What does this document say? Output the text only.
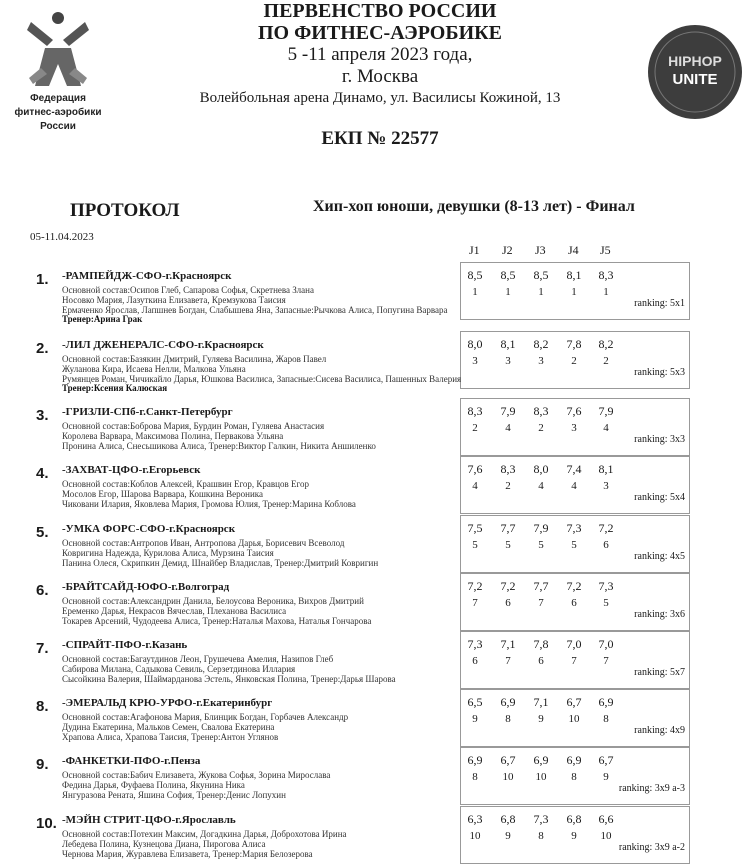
Федерация
фитнес-аэробики
России
ПЕРВЕНСТВО РОССИИ
ПО ФИТНЕС-АЭРОБИКЕ
5 -11 апреля 2023 года,
г. Москва
Волейбольная арена Динамо, ул. Василисы Кожиной, 13
ЕКП № 22577
HIPHOP
UNITE
ПРОТОКОЛ	Хип-хоп юноши, девушки (8-13 лет) - Финал
05-11.04.2023
J1 J2 J3 J4 J5
1. -РАМПЕЙДЖ-СФО-г.Красноярск
Основной состав:Осипов Глеб, Сапарова Софья, Скретнева Злана
Носовко Мария, Лазуткина Елизавета, Кремзукова Таисия
Ермаченко Ярослав, Лапшнев Богдан, Слабышева Яна, Запасные:Рычкова Алиса, Попугина Варвара
Тренер:Арина Грак
8,5	8,5	8,5	8,1	8,3
1	1	1	1	1
ranking: 5x1
2. -ЛИЛ ДЖЕНЕРАЛС-СФО-г.Красноярск
Основной состав:Базякин Дмитрий, Гуляева Василина, Жаров Павел
Жуланова Кира, Исаева Нелли, Малкова Ульяна
Румянцев Роман, Чичикайло Дарья, Юшкова Василиса, Запасные:Сисева Василиса, Пашенных Валерия
Тренер:Ксения Калюская
8,0	8,1	8,2	7,8	8,2
3	3	3	2	2
ranking: 5x3
3. -ГРИЗЛИ-СПб-г.Санкт-Петербург
Основной состав:Боброва Мария, Бурдин Роман, Гуляева Анастасия
Королева Варвара, Максимова Полина, Первакова Ульяна
Пронина Алиса, Снесьшикова Алиса, Тренер:Виктор Галкин, Никита Аншиленко
8,3	7,9	8,3	7,6	7,9
2	4	2	3	4
ranking: 3x3
4. -ЗАХВАТ-ЦФО-г.Егорьевск
Основной состав:Коблов Алексей, Крашвин Егор, Кравцов Егор
Мосолов Егор, Шарова Варвара, Кошкина Вероника
Чиковани Илария, Яковлева Мария, Громова Юлия, Тренер:Марина Коблова
7,6	8,3	8,0	7,4	8,1
4	2	4	4	3
ranking: 5x4
5. -УМКА ФОРС-СФО-г.Красноярск
Основной состав:Антропов Иван, Антропова Дарья, Борисевич Всеволод
Ковригина Надежда, Курилова Алиса, Мурзина Таисия
Панина Олеся, Скрипкин Демид, Шнайбер Владислав, Тренер:Дмитрий Ковригин
7,5	7,7	7,9	7,3	7,2
5	5	5	5	6
ranking: 4x5
6. -БРАЙТСАЙД-ЮФО-г.Волгоград
Основной состав:Александрин Данила, Белоусова Вероника, Вихров Дмитрий
Еременко Дарья, Некрасов Вячеслав, Плеханова Василиса
Токарев Арсений, Чудодеева Алиса, Тренер:Наталья Махова, Наталья Гончарова
7,2	7,2	7,7	7,2	7,3
7	6	7	6	5
ranking: 3x6
7. -СПРАЙТ-ПФО-г.Казань
Основной состав:Багаутдинов Леон, Грушечева Амелия, Назипов Глеб
Сабирова Милана, Садыкова Севиль, Серзетдинова Иллария
Сысойкина Валерия, Шаймарданова Эстель, Янковская Полина, Тренер:Дарья Шарова
7,3	7,1	7,8	7,0	7,0
6	7	6	7	7
ranking: 5x7
8. -ЭМЕРАЛЬД КРЮ-УРФО-г.Екатеринбург
Основной состав:Агафонова Мария, Блинцик Богдан, Горбачев Александр
Дудина Екатерина, Мальков Семен, Свалова Екатерина
Храпова Алиса, Храпова Таисия, Тренер:Антон Углянов
6,5	6,9	7,1	6,7	6,9
9	8	9	10	8
ranking: 4x9
9. -ФАНКЕТКИ-ПФО-г.Пенза
Основной состав:Бабич Елизавета, Жукова Софья, Зорина Мирослава
Федина Дарья, Фуфаева Полина, Якунина Ника
Янгуразова Рената, Яшина София, Тренер:Денис Лопухин
6,9	6,7	6,9	6,9	6,7
8	10	10	8	9
ranking: 3x9 a-3
10. -МЭЙН СТРИТ-ЦФО-г.Ярославль
Основной состав:Потехин Максим, Догадкина Дарья, Доброхотова Ирина
Лебедева Полина, Кузнецова Диана, Пирогова Алиса
Чернова Мария, Журавлева Елизавета, Тренер:Мария Белозерова
6,3	6,8	7,3	6,8	6,6
10	9	8	9	10
ranking: 3x9 a-2
